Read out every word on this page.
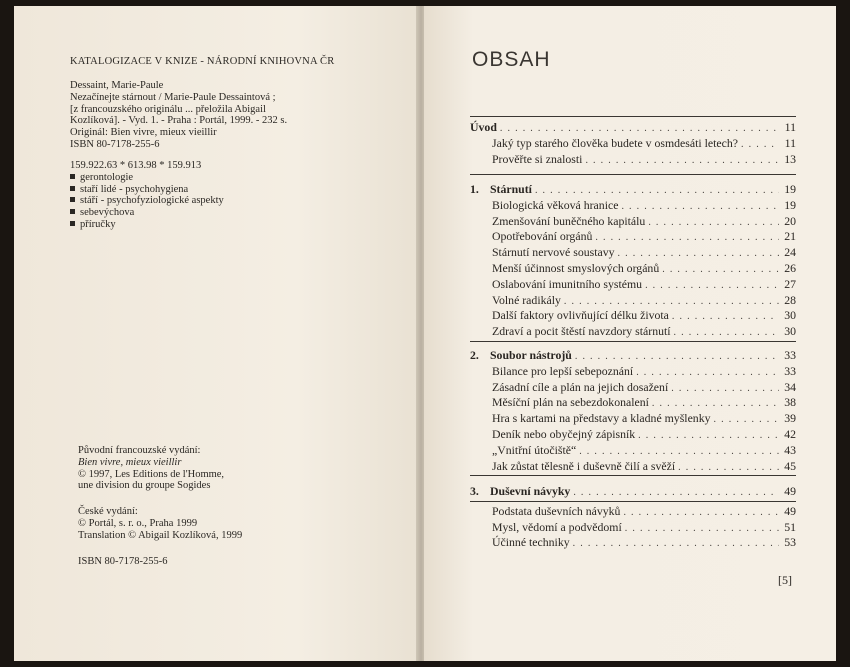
KATALOGIZACE V KNIZE - NÁRODNÍ KNIHOVNA ČR
Dessaint, Marie-Paule
Nezačínejte stárnout / Marie-Paule Dessaintová ;
[z francouzského originálu ... přeložila Abigail
Kozlíková]. - Vyd. 1. - Praha : Portál, 1999. - 232 s.
Originál: Bien vivre, mieux vieillir
ISBN 80-7178-255-6
159.922.63 * 613.98 * 159.913
gerontologie
staří lidé - psychohygiena
stáří - psychofyziologické aspekty
sebevýchova
příručky
Původní francouzské vydání:
Bien vivre, mieux vieillir
© 1997, Les Editions de l'Homme,
une division du groupe Sogides
České vydání:
© Portál, s. r. o., Praha 1999
Translation © Abigail Kozlíková, 1999
ISBN 80-7178-255-6
OBSAH
Úvod . . .	11
Jaký typ starého člověka budete v osmdesáti letech? . . .	11
Prověřte si znalosti . . .	13
1. Stárnutí . . .	19
Biologická věková hranice . . .	19
Zmenšování buněčného kapitálu . . .	20
Opotřebování orgánů . . .	21
Stárnutí nervové soustavy . . .	24
Menší účinnost smyslových orgánů . . .	26
Oslabování imunitního systému . . .	27
Volné radikály . . .	28
Další faktory ovlivňující délku života . . .	30
Zdraví a pocit štěstí navzdory stárnutí . . .	30
2. Soubor nástrojů . . .	33
Bilance pro lepší sebepoznání . . .	33
Zásadní cíle a plán na jejich dosažení . . .	34
Měsíční plán na sebezdokonalení . . .	38
Hra s kartami na představy a kladné myšlenky . . .	39
Deník nebo obyčejný zápisník . . .	42
„Vnitřní útočiště“ . . .	43
Jak zůstat tělesně i duševně čilí a svěží . . .	45
3. Duševní návyky . . .	49
Podstata duševních návyků . . .	49
Mysl, vědomí a podvědomí . . .	51
Účinné techniky . . .	53
[5]
